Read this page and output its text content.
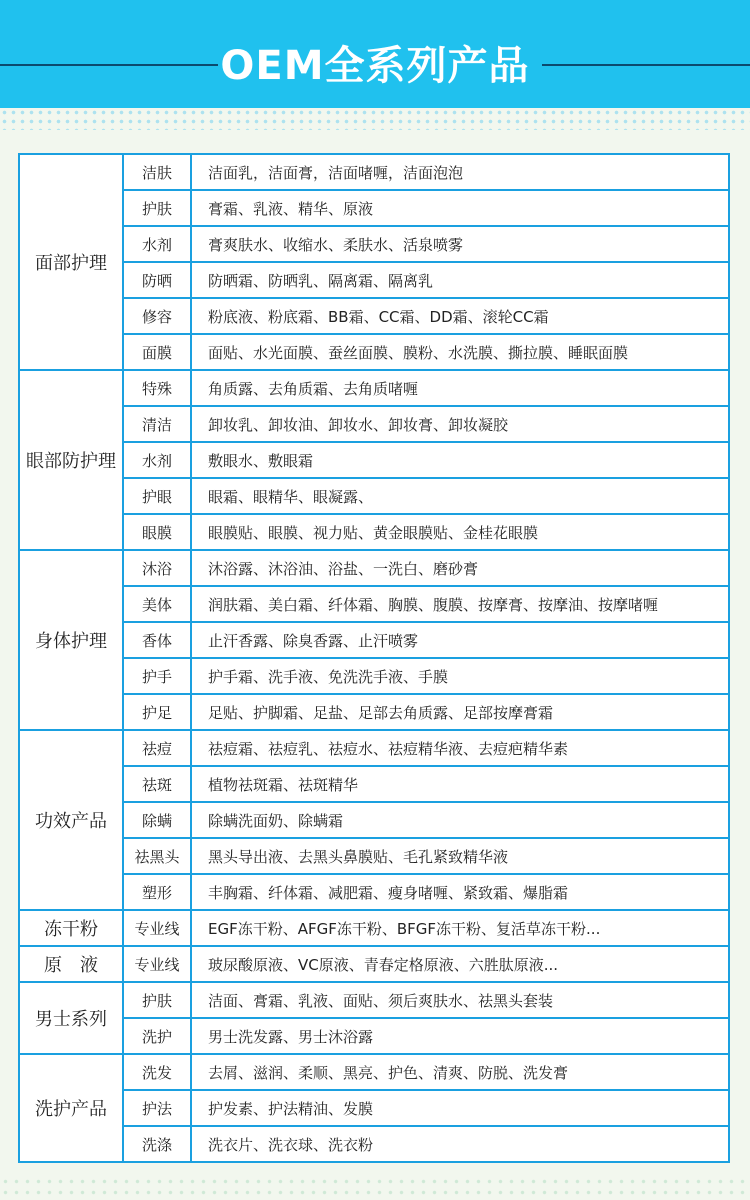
OEM全系列产品
面部护理
洁肤	洁面乳，洁面膏，洁面啫喱，洁面泡泡
护肤	膏霜、乳液、精华、原液
水剂	膏爽肤水、收缩水、柔肤水、活泉喷雾
防晒	防晒霜、防晒乳、隔离霜、隔离乳
修容	粉底液、粉底霜、BB霜、CC霜、DD霜、滚轮CC霜
面膜	面贴、水光面膜、蚕丝面膜、膜粉、水洗膜、撕拉膜、睡眠面膜
眼部防护理
特殊	角质露、去角质霜、去角质啫喱
清洁	卸妆乳、卸妆油、卸妆水、卸妆膏、卸妆凝胶
水剂	敷眼水、敷眼霜
护眼	眼霜、眼精华、眼凝露、
眼膜	眼膜贴、眼膜、视力贴、黄金眼膜贴、金桂花眼膜
身体护理
沐浴	沐浴露、沐浴油、浴盐、一洗白、磨砂膏
美体	润肤霜、美白霜、纤体霜、胸膜、腹膜、按摩膏、按摩油、按摩啫喱
香体	止汗香露、除臭香露、止汗喷雾
护手	护手霜、洗手液、免洗洗手液、手膜
护足	足贴、护脚霜、足盐、足部去角质露、足部按摩膏霜
功效产品
祛痘	祛痘霜、祛痘乳、祛痘水、祛痘精华液、去痘疤精华素
祛斑	植物祛斑霜、祛斑精华
除螨	除螨洗面奶、除螨霜
祛黑头	黑头导出液、去黑头鼻膜贴、毛孔紧致精华液
塑形	丰胸霜、纤体霜、减肥霜、瘦身啫喱、紧致霜、爆脂霜
冻干粉	专业线	EGF冻干粉、AFGF冻干粉、BFGF冻干粉、复活草冻干粉...
原　液	专业线	玻尿酸原液、VC原液、青春定格原液、六胜肽原液...
男士系列
护肤	洁面、膏霜、乳液、面贴、须后爽肤水、祛黑头套装
洗护	男士洗发露、男士沐浴露
洗护产品
洗发	去屑、滋润、柔顺、黑亮、护色、清爽、防脱、洗发膏
护法	护发素、护法精油、发膜
洗涤	洗衣片、洗衣球、洗衣粉
